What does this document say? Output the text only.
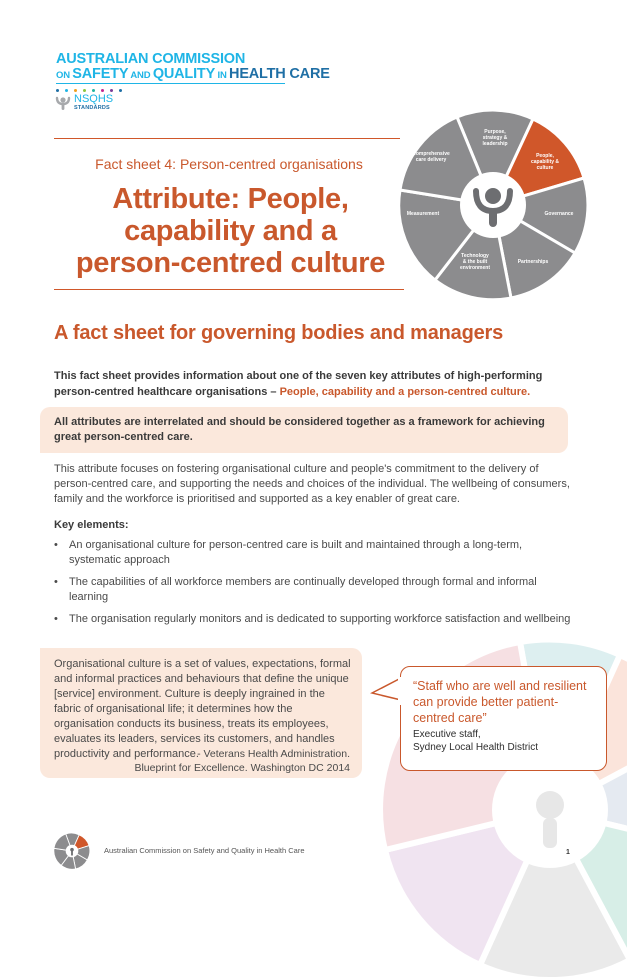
AUSTRALIAN COMMISSION
ON SAFETY AND QUALITY IN HEALTH CARE
NSQHS
STANDARDS
Fact sheet 4: Person-centred organisations
Attribute: People,
capability and a
person-centred culture
Purpose, strategy & leadership
People, capability & culture
Governance
Partnerships
Technology & the built environment
Measurement
Comprehensive care delivery
A fact sheet for governing bodies and managers
This fact sheet provides information about one of the seven key attributes of high-performing person-centred healthcare organisations – People, capability and a person-centred culture.

All attributes are interrelated and should be considered together as a framework for achieving great person-centred care.

This attribute focuses on fostering organisational culture and people's commitment to the delivery of person-centred care, and supporting the needs and choices of the individual. The wellbeing of consumers, family and the workforce is prioritised and supported as a key enabler of great care.
Key elements:
• An organisational culture for person-centred care is built and maintained through a long-term, systematic approach
• The capabilities of all workforce members are continually developed through formal and informal learning
• The organisation regularly monitors and is dedicated to supporting workforce satisfaction and wellbeing
Organisational culture is a set of values, expectations, formal and informal practices and behaviours that define the unique [service] environment. Culture is deeply ingrained in the fabric of organisational life; it determines how the organisation conducts its business, treats its employees, evaluates its leaders, services its customers, and handles productivity and performance.
- Veterans Health Administration.
Blueprint for Excellence. Washington DC 2014
“Staff who are well and resilient can provide better patient-centred care”
Executive staff,
Sydney Local Health District
Australian Commission on Safety and Quality in Health Care	1
